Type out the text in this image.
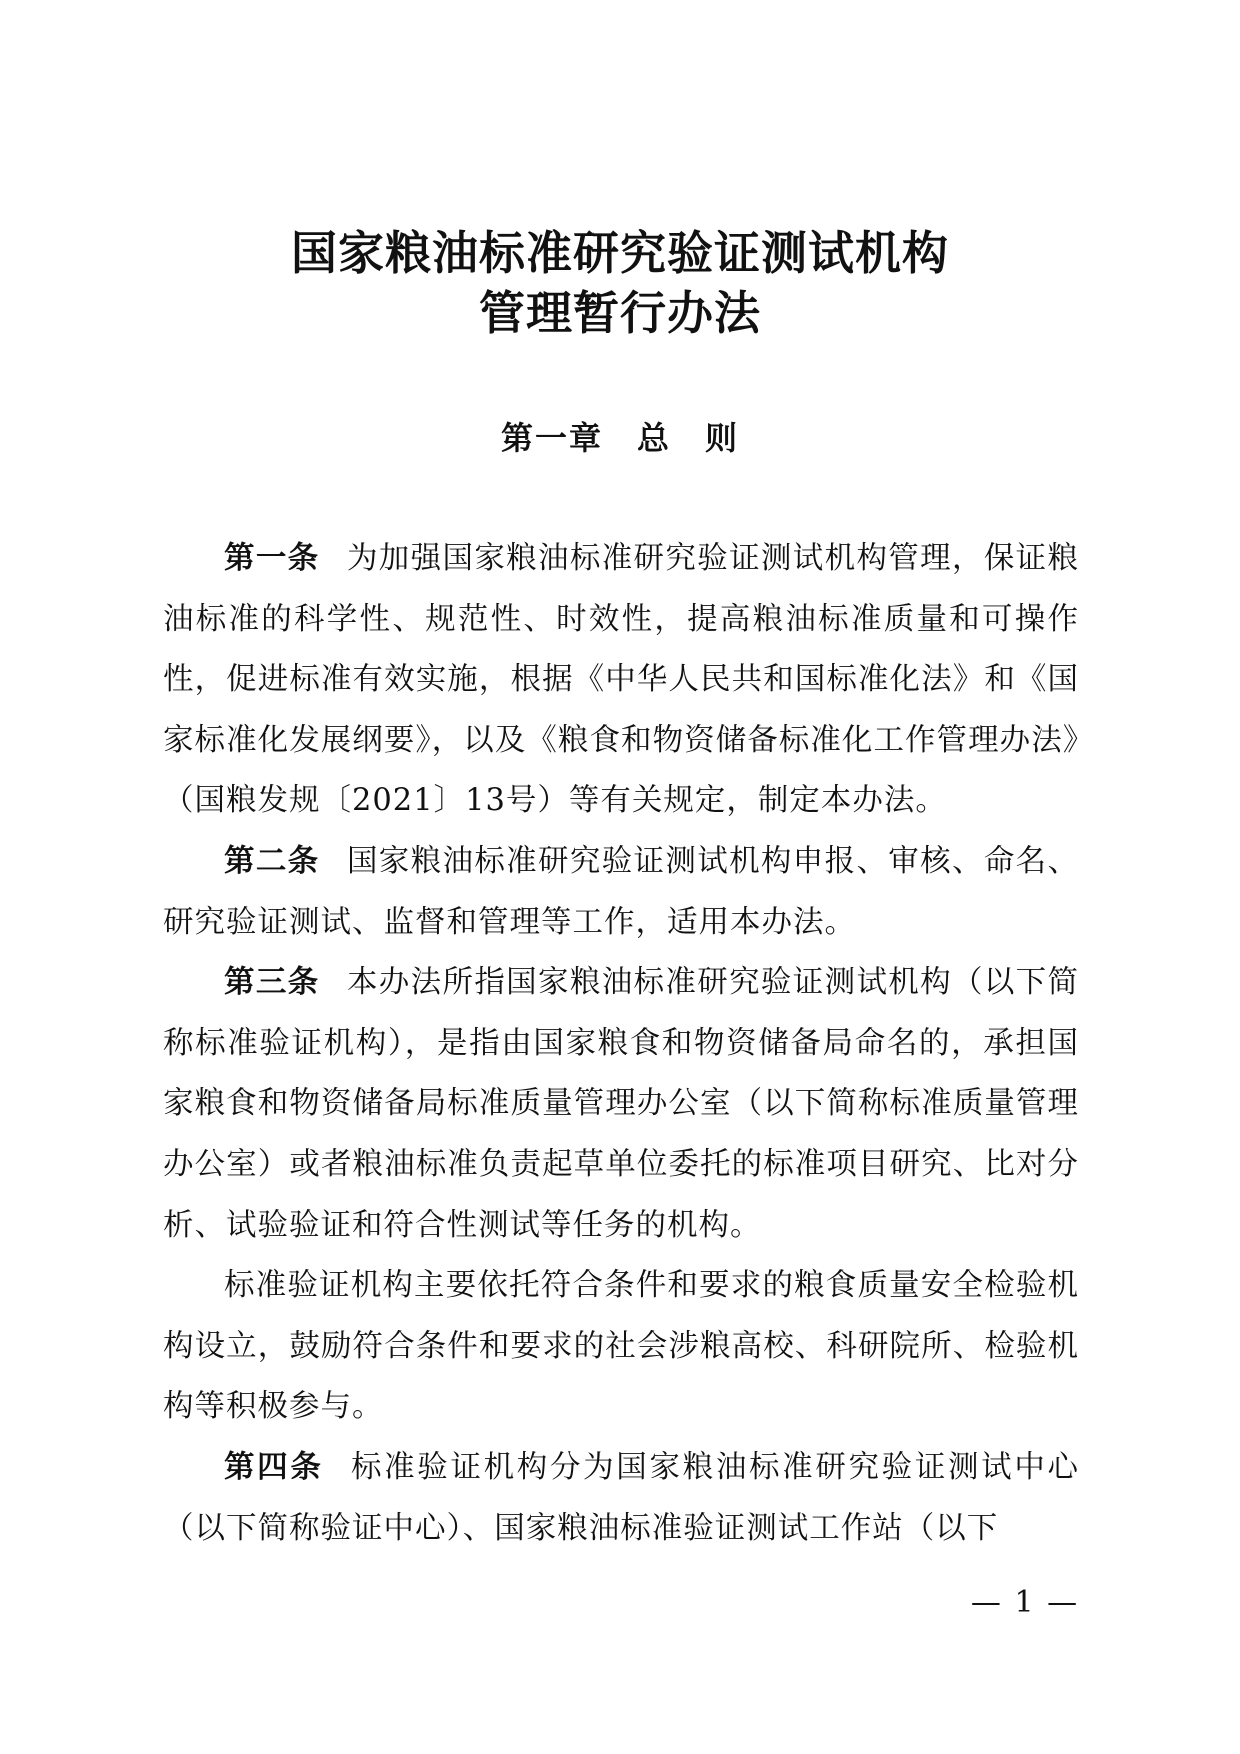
国家粮油标准研究验证测试机构
管理暂行办法
第一章　总　则

第一条 为加强国家粮油标准研究验证测试机构管理，保证粮油标准的科学性、规范性、时效性，提高粮油标准质量和可操作性，促进标准有效实施，根据《中华人民共和国标准化法》和《国家标准化发展纲要》，以及《粮食和物资储备标准化工作管理办法》（国粮发规〔2021〕13号）等有关规定，制定本办法。

第二条 国家粮油标准研究验证测试机构申报、审核、命名、研究验证测试、监督和管理等工作，适用本办法。

第三条 本办法所指国家粮油标准研究验证测试机构（以下简称标准验证机构），是指由国家粮食和物资储备局命名的，承担国家粮食和物资储备局标准质量管理办公室（以下简称标准质量管理办公室）或者粮油标准负责起草单位委托的标准项目研究、比对分析、试验验证和符合性测试等任务的机构。

标准验证机构主要依托符合条件和要求的粮食质量安全检验机构设立，鼓励符合条件和要求的社会涉粮高校、科研院所、检验机构等积极参与。

第四条 标准验证机构分为国家粮油标准研究验证测试中心（以下简称验证中心）、国家粮油标准验证测试工作站（以下

— 1 —
